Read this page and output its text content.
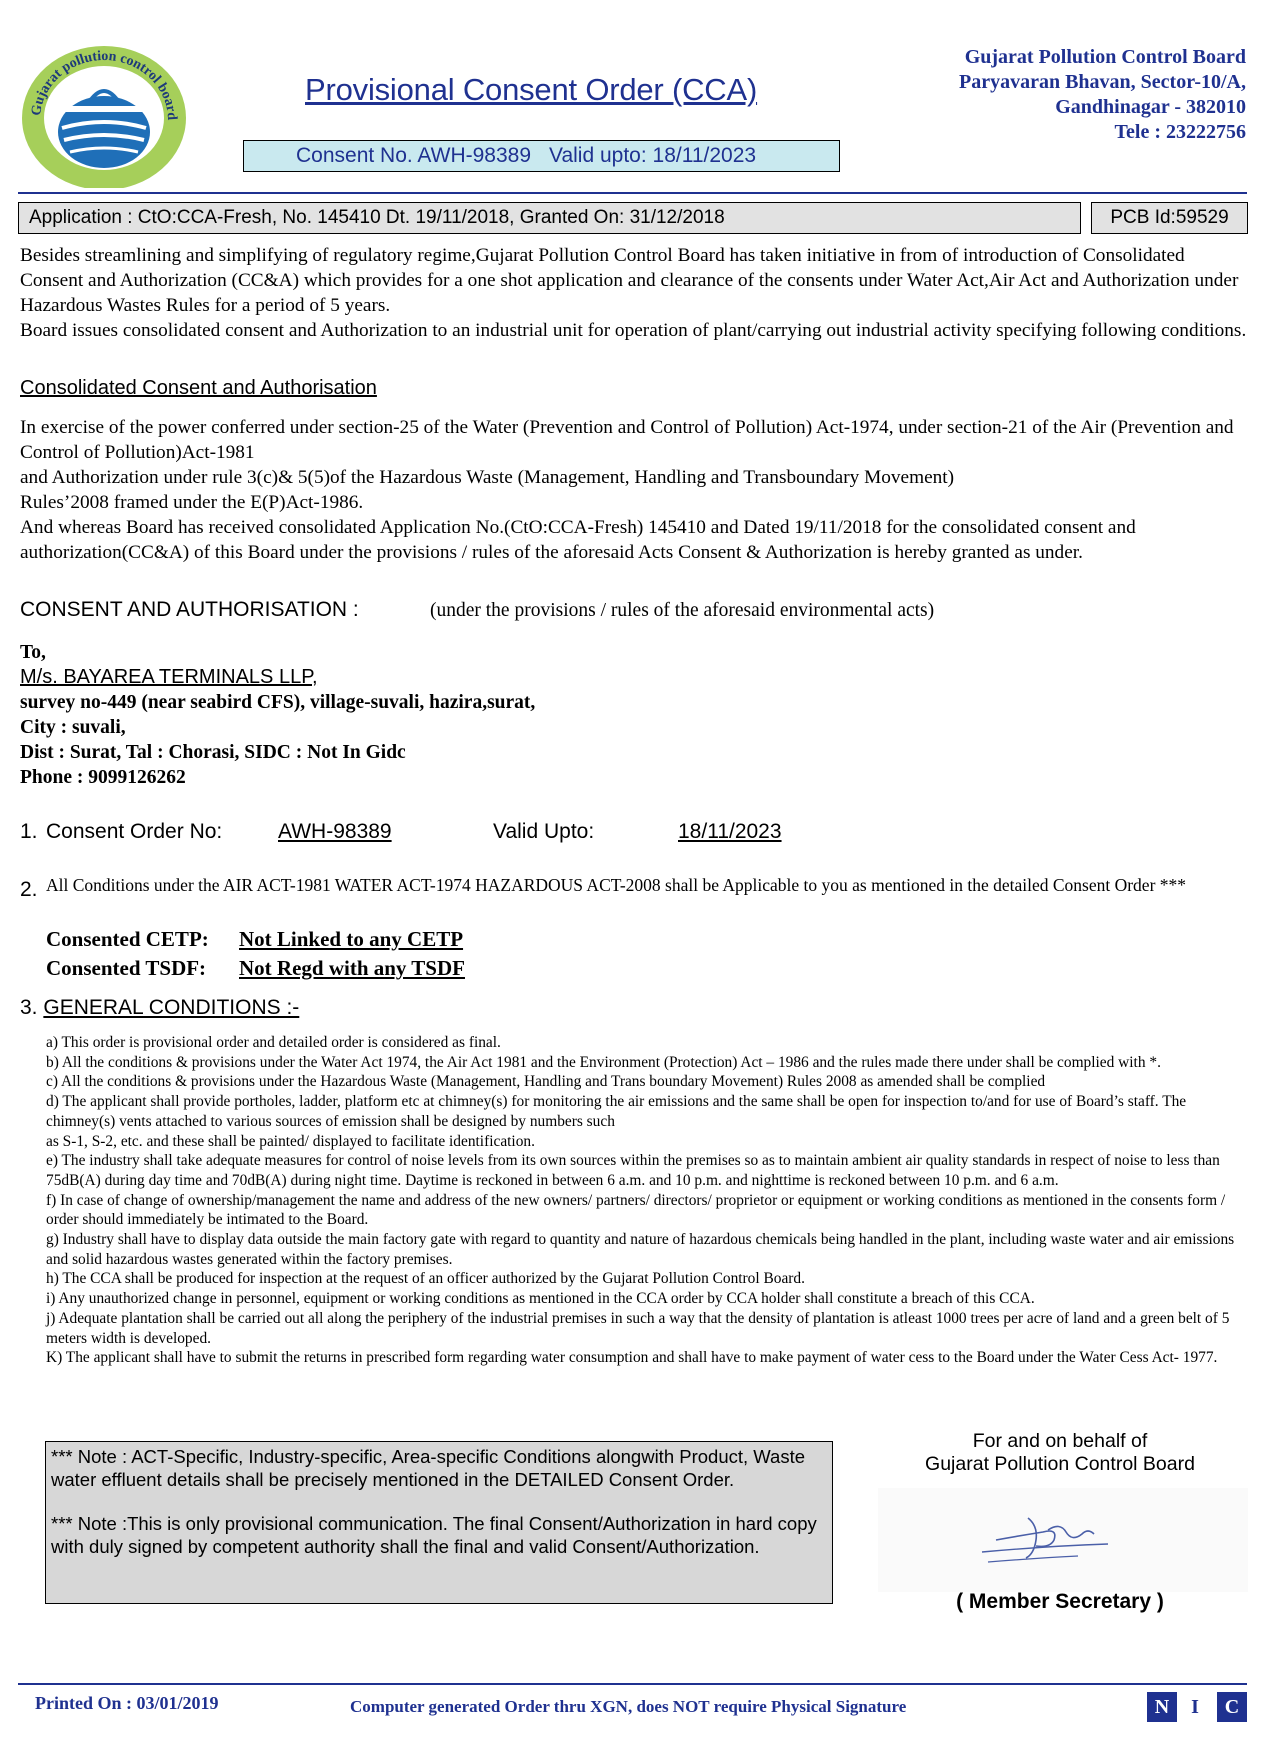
Gujarat pollution control board
Provisional Consent Order (CCA)
Consent No. AWH-98389 Valid upto: 18/11/2023
Gujarat Pollution Control Board
Paryavaran Bhavan, Sector-10/A,
Gandhinagar - 382010
Tele : 23222756
Application : CtO:CCA-Fresh, No. 145410 Dt. 19/11/2018, Granted On: 31/12/2018	PCB Id:59529

Besides streamlining and simplifying of regulatory regime,Gujarat Pollution Control Board has taken initiative in from of introduction of Consolidated Consent and Authorization (CC&A) which provides for a one shot application and clearance of the consents under Water Act,Air Act and Authorization under Hazardous Wastes Rules for a period of 5 years.

Board issues consolidated consent and Authorization to an industrial unit for operation of plant/carrying out industrial activity specifying following conditions.

Consolidated Consent and Authorisation

In exercise of the power conferred under section-25 of the Water (Prevention and Control of Pollution) Act-1974, under section-21 of the Air (Prevention and Control of Pollution)Act-1981

and Authorization under rule 3(c)& 5(5)of the Hazardous Waste (Management, Handling and Transboundary Movement)

Rules’2008 framed under the E(P)Act-1986.

And whereas Board has received consolidated Application No.(CtO:CCA-Fresh) 145410 and Dated 19/11/2018 for the consolidated consent and authorization(CC&A) of this Board under the provisions / rules of the aforesaid Acts Consent & Authorization is hereby granted as under.

CONSENT AND AUTHORISATION :	(under the provisions / rules of the aforesaid environmental acts)
To,
M/s. BAYAREA TERMINALS LLP,
survey no-449 (near seabird CFS), village-suvali, hazira,surat,
City : suvali,
Dist : Surat, Tal : Chorasi, SIDC : Not In Gidc
Phone : 9099126262
1. Consent Order No:	AWH-98389	Valid Upto:	18/11/2023
2. All Conditions under the AIR ACT-1981 WATER ACT-1974 HAZARDOUS ACT-2008 shall be Applicable to you as mentioned in the detailed Consent Order ***
Consented CETP: Not Linked to any CETP
Consented TSDF: Not Regd with any TSDF
3. GENERAL CONDITIONS :-
a) This order is provisional order and detailed order is considered as final.
b) All the conditions & provisions under the Water Act 1974, the Air Act 1981 and the Environment (Protection) Act – 1986 and the rules made there under shall be complied with *.
c) All the conditions & provisions under the Hazardous Waste (Management, Handling and Trans boundary Movement) Rules 2008 as amended shall be complied
d) The applicant shall provide portholes, ladder, platform etc at chimney(s) for monitoring the air emissions and the same shall be open for inspection to/and for use of Board’s staff. The chimney(s) vents attached to various sources of emission shall be designed by numbers such
as S-1, S-2, etc. and these shall be painted/ displayed to facilitate identification.
e) The industry shall take adequate measures for control of noise levels from its own sources within the premises so as to maintain ambient air quality standards in respect of noise to less than 75dB(A) during day time and 70dB(A) during night time. Daytime is reckoned in between 6 a.m. and 10 p.m. and nighttime is reckoned between 10 p.m. and 6 a.m.
f) In case of change of ownership/management the name and address of the new owners/ partners/ directors/ proprietor or equipment or working conditions as mentioned in the consents form / order should immediately be intimated to the Board.
g) Industry shall have to display data outside the main factory gate with regard to quantity and nature of hazardous chemicals being handled in the plant, including waste water and air emissions and solid hazardous wastes generated within the factory premises.
h) The CCA shall be produced for inspection at the request of an officer authorized by the Gujarat Pollution Control Board.
i) Any unauthorized change in personnel, equipment or working conditions as mentioned in the CCA order by CCA holder shall constitute a breach of this CCA.
j) Adequate plantation shall be carried out all along the periphery of the industrial premises in such a way that the density of plantation is atleast 1000 trees per acre of land and a green belt of 5 meters width is developed.
K) The applicant shall have to submit the returns in prescribed form regarding water consumption and shall have to make payment of water cess to the Board under the Water Cess Act- 1977.

*** Note : ACT-Specific, Industry-specific, Area-specific Conditions alongwith Product, Waste water effluent details shall be precisely mentioned in the DETAILED Consent Order.

*** Note :This is only provisional communication. The final Consent/Authorization in hard copy with duly signed by competent authority shall the final and valid Consent/Authorization.

For and on behalf of
Gujarat Pollution Control Board
( Member Secretary )
Printed On : 03/01/2019	Computer generated Order thru XGN, does NOT require Physical Signature	N	I	C
